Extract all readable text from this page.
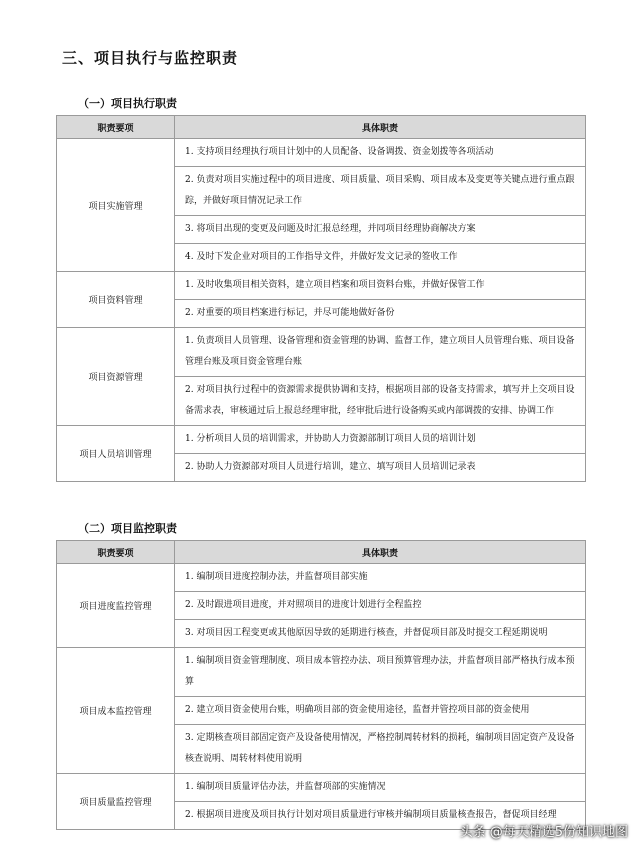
三、项目执行与监控职责
（一）项目执行职责
职责要项	具体职责
项目实施管理	1. 支持项目经理执行项目计划中的人员配备、设备调拨、资金划拨等各项活动
	2. 负责对项目实施过程中的项目进度、项目质量、项目采购、项目成本及变更等关键点进行重点跟踪，并做好项目情况记录工作
	3. 将项目出现的变更及问题及时汇报总经理，并同项目经理协商解决方案
	4. 及时下发企业对项目的工作指导文件，并做好发文记录的签收工作
项目资料管理	1. 及时收集项目相关资料，建立项目档案和项目资料台账，并做好保管工作
	2. 对重要的项目档案进行标记，并尽可能地做好备份
项目资源管理	1. 负责项目人员管理、设备管理和资金管理的协调、监督工作，建立项目人员管理台账、项目设备管理台账及项目资金管理台账
	2. 对项目执行过程中的资源需求提供协调和支持，根据项目部的设备支持需求，填写并上交项目设备需求表，审核通过后上报总经理审批，经审批后进行设备购买或内部调拨的安排、协调工作
项目人员培训管理	1. 分析项目人员的培训需求，并协助人力资源部制订项目人员的培训计划
	2. 协助人力资源部对项目人员进行培训，建立、填写项目人员培训记录表
（二）项目监控职责
职责要项	具体职责
项目进度监控管理	1. 编制项目进度控制办法，并监督项目部实施
	2. 及时跟进项目进度，并对照项目的进度计划进行全程监控
	3. 对项目因工程变更或其他原因导致的延期进行核查，并督促项目部及时提交工程延期说明
项目成本监控管理	1. 编制项目资金管理制度、项目成本管控办法、项目预算管理办法，并监督项目部严格执行成本预算
	2. 建立项目资金使用台账，明确项目部的资金使用途径，监督并管控项目部的资金使用
	3. 定期核查项目部固定资产及设备使用情况，严格控制周转材料的损耗，编制项目固定资产及设备核查说明、周转材料使用说明
项目质量监控管理	1. 编制项目质量评估办法，并监督项部的实施情况
	2. 根据项目进度及项目执行计划对项目质量进行审核并编制项目质量核查报告，督促项目经理
头条 @每天精选5份知识地图
